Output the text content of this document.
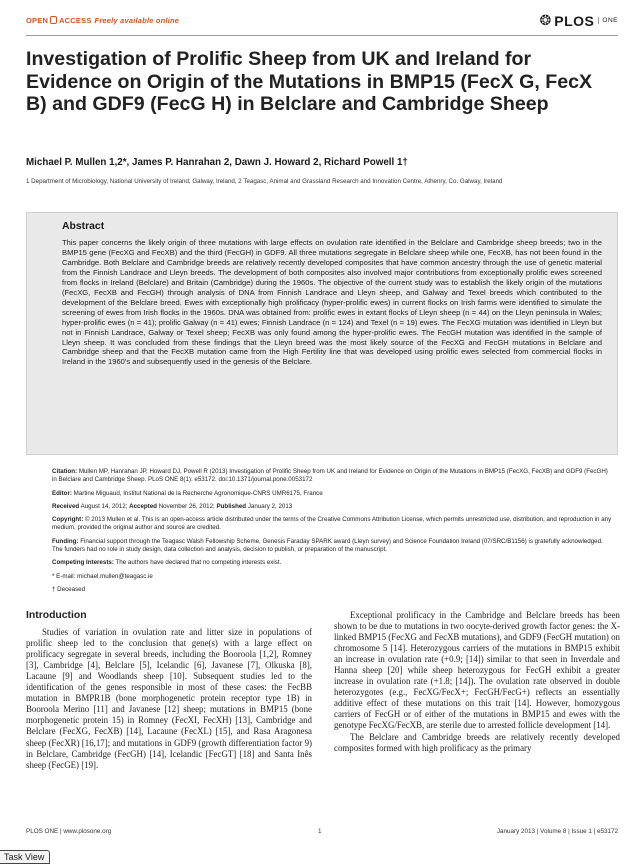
OPEN ACCESS Freely available online	❂ PLOS	ONE
Investigation of Prolific Sheep from UK and Ireland for Evidence on Origin of the Mutations in BMP15 (FecX G, FecX B) and GDF9 (FecG H) in Belclare and Cambridge Sheep
Michael P. Mullen 1,2*, James P. Hanrahan 2, Dawn J. Howard 2, Richard Powell 1†
1 Department of Microbiology, National University of Ireland, Galway, Ireland, 2 Teagasc, Animal and Grassland Research and Innovation Centre, Athenry, Co. Galway, Ireland
Abstract

This paper concerns the likely origin of three mutations with large effects on ovulation rate identified in the Belclare and Cambridge sheep breeds; two in the BMP15 gene (FecXG and FecXB) and the third (FecGH) in GDF9. All three mutations segregate in Belclare sheep while one, FecXB, has not been found in the Cambridge. Both Belclare and Cambridge breeds are relatively recently developed composites that have common ancestry through the use of genetic material from the Finnish Landrace and Lleyn breeds. The development of both composites also involved major contributions from exceptionally prolific ewes screened from flocks in Ireland (Belclare) and Britain (Cambridge) during the 1960s. The objective of the current study was to establish the likely origin of the mutations (FecXG, FecXB and FecGH) through analysis of DNA from Finnish Landrace and Lleyn sheep, and Galway and Texel breeds which contributed to the development of the Belclare breed. Ewes with exceptionally high prolificacy (hyper-prolific ewes) in current flocks on Irish farms were identified to simulate the screening of ewes from Irish flocks in the 1960s. DNA was obtained from: prolific ewes in extant flocks of Lleyn sheep (n = 44) on the Lleyn peninsula in Wales; hyper-prolific ewes (n = 41); prolific Galway (n = 41) ewes; Finnish Landrace (n = 124) and Texel (n = 19) ewes. The FecXG mutation was identified in Lleyn but not in Finnish Landrace, Galway or Texel sheep; FecXB was only found among the hyper-prolific ewes. The FecGH mutation was identified in the sample of Lleyn sheep. It was concluded from these findings that the Lleyn breed was the most likely source of the FecXG and FecGH mutations in Belclare and Cambridge sheep and that the FecXB mutation came from the High Fertility line that was developed using prolific ewes selected from commercial flocks in Ireland in the 1960's and subsequently used in the genesis of the Belclare.

Citation: Mullen MP, Hanrahan JP, Howard DJ, Powell R (2013) Investigation of Prolific Sheep from UK and Ireland for Evidence on Origin of the Mutations in BMP15 (FecXG, FecXB) and GDF9 (FecGH) in Belclare and Cambridge Sheep. PLoS ONE 8(1): e53172. doi:10.1371/journal.pone.0053172
Editor: Martine Miguaud, Institut National de la Recherche Agronomique-CNRS UMR6175, France
Received August 14, 2012; Accepted November 26, 2012; Published January 2, 2013
Copyright: © 2013 Mullen et al. This is an open-access article distributed under the terms of the Creative Commons Attribution License, which permits unrestricted use, distribution, and reproduction in any medium, provided the original author and source are credited.
Funding: Financial support through the Teagasc Walsh Fellowship Scheme, Genesis Faraday SPARK award (Lleyn survey) and Science Foundation Ireland (07/SRC/B1156) is gratefully acknowledged. The funders had no role in study design, data collection and analysis, decision to publish, or preparation of the manuscript.
Competing Interests: The authors have declared that no competing interests exist.
* E-mail: michael.mullen@teagasc.ie
† Deceased
Introduction

Studies of variation in ovulation rate and litter size in populations of prolific sheep led to the conclusion that gene(s) with a large effect on prolificacy segregate in several breeds, including the Booroola [1,2], Romney [3], Cambridge [4], Belclare [5], Icelandic [6], Javanese [7], Olkuska [8], Lacaune [9] and Woodlands sheep [10]. Subsequent studies led to the identification of the genes responsible in most of these cases: the FecBB mutation in BMPR1B (bone morphogenetic protein receptor type 1B) in Booroola Merino [11] and Javanese [12] sheep; mutations in BMP15 (bone morphogenetic protein 15) in Romney (FecXI, FecXH) [13], Cambridge and Belclare (FecXG, FecXB) [14], Lacaune (FecXL) [15], and Rasa Aragonesa sheep (FecXR) [16,17]; and mutations in GDF9 (growth differentiation factor 9) in Belclare, Cambridge (FecGH) [14], Icelandic [FecGT] [18] and Santa Inês sheep (FecGE) [19].

Exceptional prolificacy in the Cambridge and Belclare breeds has been shown to be due to mutations in two oocyte-derived growth factor genes: the X-linked BMP15 (FecXG and FecXB mutations), and GDF9 (FecGH mutation) on chromosome 5 [14]. Heterozygous carriers of the mutations in BMP15 exhibit an increase in ovulation rate (+0.9; [14]) similar to that seen in Inverdale and Hanna sheep [20] while sheep heterozygous for FecGH exhibit a greater increase in ovulation rate (+1.8; [14]). The ovulation rate observed in double heterozygotes (e.g., FecXG/FecX+; FecGH/FecG+) reflects an essentially additive effect of these mutations on this trait [14]. However, homozygous carriers of FecGH or of either of the mutations in BMP15 and ewes with the genotype FecXG/FecXB, are sterile due to arrested follicle development [14].

The Belclare and Cambridge breeds are relatively recently developed composites formed with high prolificacy as the primary

PLOS ONE | www.plosone.org	1	January 2013 | Volume 8 | Issue 1 | e53172
Task View
